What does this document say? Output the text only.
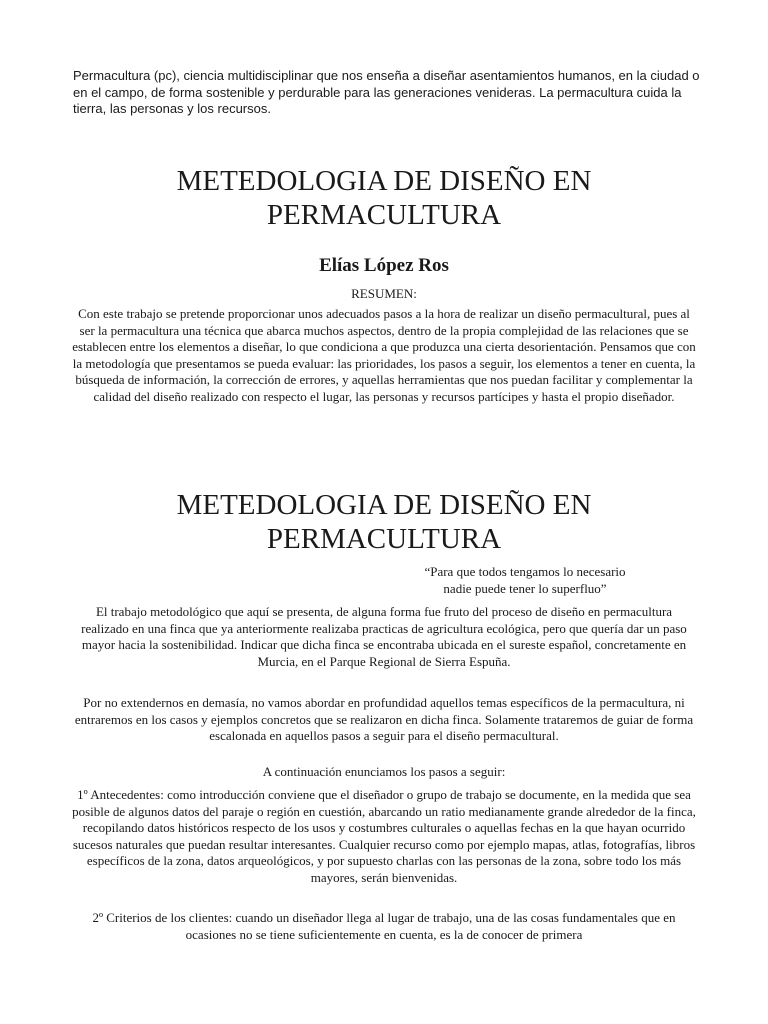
Permacultura (pc), ciencia multidisciplinar que nos enseña a diseñar asentamientos humanos, en la ciudad o en el campo, de forma sostenible y perdurable para las generaciones venideras. La permacultura cuida la tierra, las personas y los recursos.

METEDOLOGIA DE DISEÑO EN PERMACULTURA
Elías López Ros

RESUMEN:

Con este trabajo se pretende proporcionar unos adecuados pasos a la hora de realizar un diseño permacultural, pues al ser la permacultura una técnica que abarca muchos aspectos, dentro de la propia complejidad de las relaciones que se establecen entre los elementos a diseñar, lo que condiciona a que produzca una cierta desorientación. Pensamos que con la metodología que presentamos se pueda evaluar: las prioridades, los pasos a seguir, los elementos a tener en cuenta, la búsqueda de información, la corrección de errores, y aquellas herramientas que nos puedan facilitar y complementar la calidad del diseño realizado con respecto el lugar, las personas y recursos partícipes y hasta el propio diseñador.

METEDOLOGIA DE DISEÑO EN PERMACULTURA

“Para que todos tengamos lo necesario
nadie puede tener lo superfluo”

El trabajo metodológico que aquí se presenta, de alguna forma fue fruto del proceso de diseño en permacultura realizado en una finca que ya anteriormente realizaba practicas de agricultura ecológica, pero que quería dar un paso mayor hacia la sostenibilidad. Indicar que dicha finca se encontraba ubicada en el sureste español, concretamente en Murcia, en el Parque Regional de Sierra Espuña.

Por no extendernos en demasía, no vamos abordar en profundidad aquellos temas específicos de la permacultura, ni entraremos en los casos y ejemplos concretos que se realizaron en dicha finca. Solamente trataremos de guiar de forma escalonada en aquellos pasos a seguir para el diseño permacultural.

A continuación enunciamos los pasos a seguir:

1º Antecedentes: como introducción conviene que el diseñador o grupo de trabajo se documente, en la medida que sea posible de algunos datos del paraje o región en cuestión, abarcando un ratio medianamente grande alrededor de la finca, recopilando datos históricos respecto de los usos y costumbres culturales o aquellas fechas en la que hayan ocurrido sucesos naturales que puedan resultar interesantes. Cualquier recurso como por ejemplo mapas, atlas, fotografías, libros específicos de la zona, datos arqueológicos, y por supuesto charlas con las personas de la zona, sobre todo los más mayores, serán bienvenidas.

2º Criterios de los clientes: cuando un diseñador llega al lugar de trabajo, una de las cosas fundamentales que en ocasiones no se tiene suficientemente en cuenta, es la de conocer de primera
